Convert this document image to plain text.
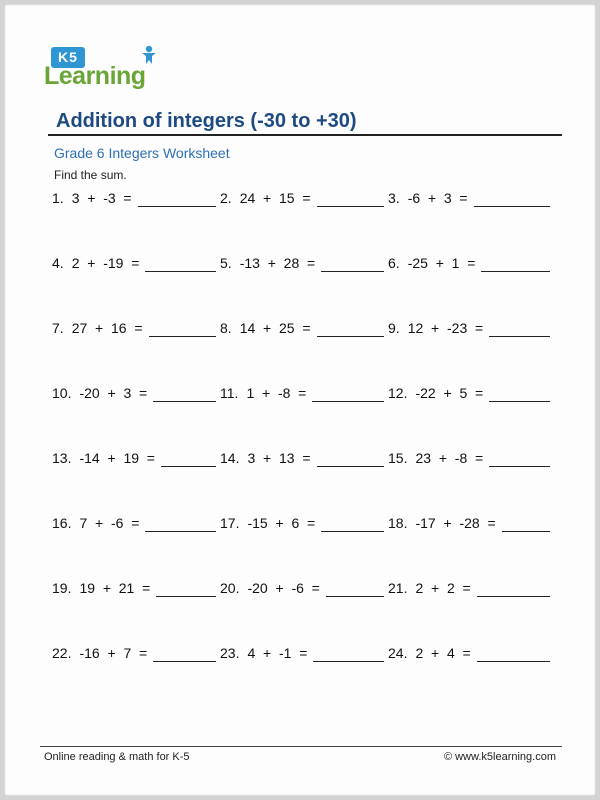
K5
Learning
Addition of integers (-30 to +30)
Grade 6 Integers Worksheet
Find the sum.
1. 3  +  -3  =	2. 24  +  15  =	3. -6  +  3  =
4. 2  +  -19  =	5. -13  +  28  =	6. -25  +  1  =
7. 27  +  16  =	8. 14  +  25  =	9. 12  +  -23  =
10. -20  +  3  =	11. 1  +  -8  =	12. -22  +  5  =
13. -14  +  19  =	14. 3  +  13  =	15. 23  +  -8  =
16. 7  +  -6  =	17. -15  +  6  =	18. -17  +  -28  =
19. 19  +  21  =	20. -20  +  -6  =	21. 2  +  2  =
22. -16  +  7  =	23. 4  +  -1  =	24. 2  +  4  =
Online reading & math for K-5	© www.k5learning.com
